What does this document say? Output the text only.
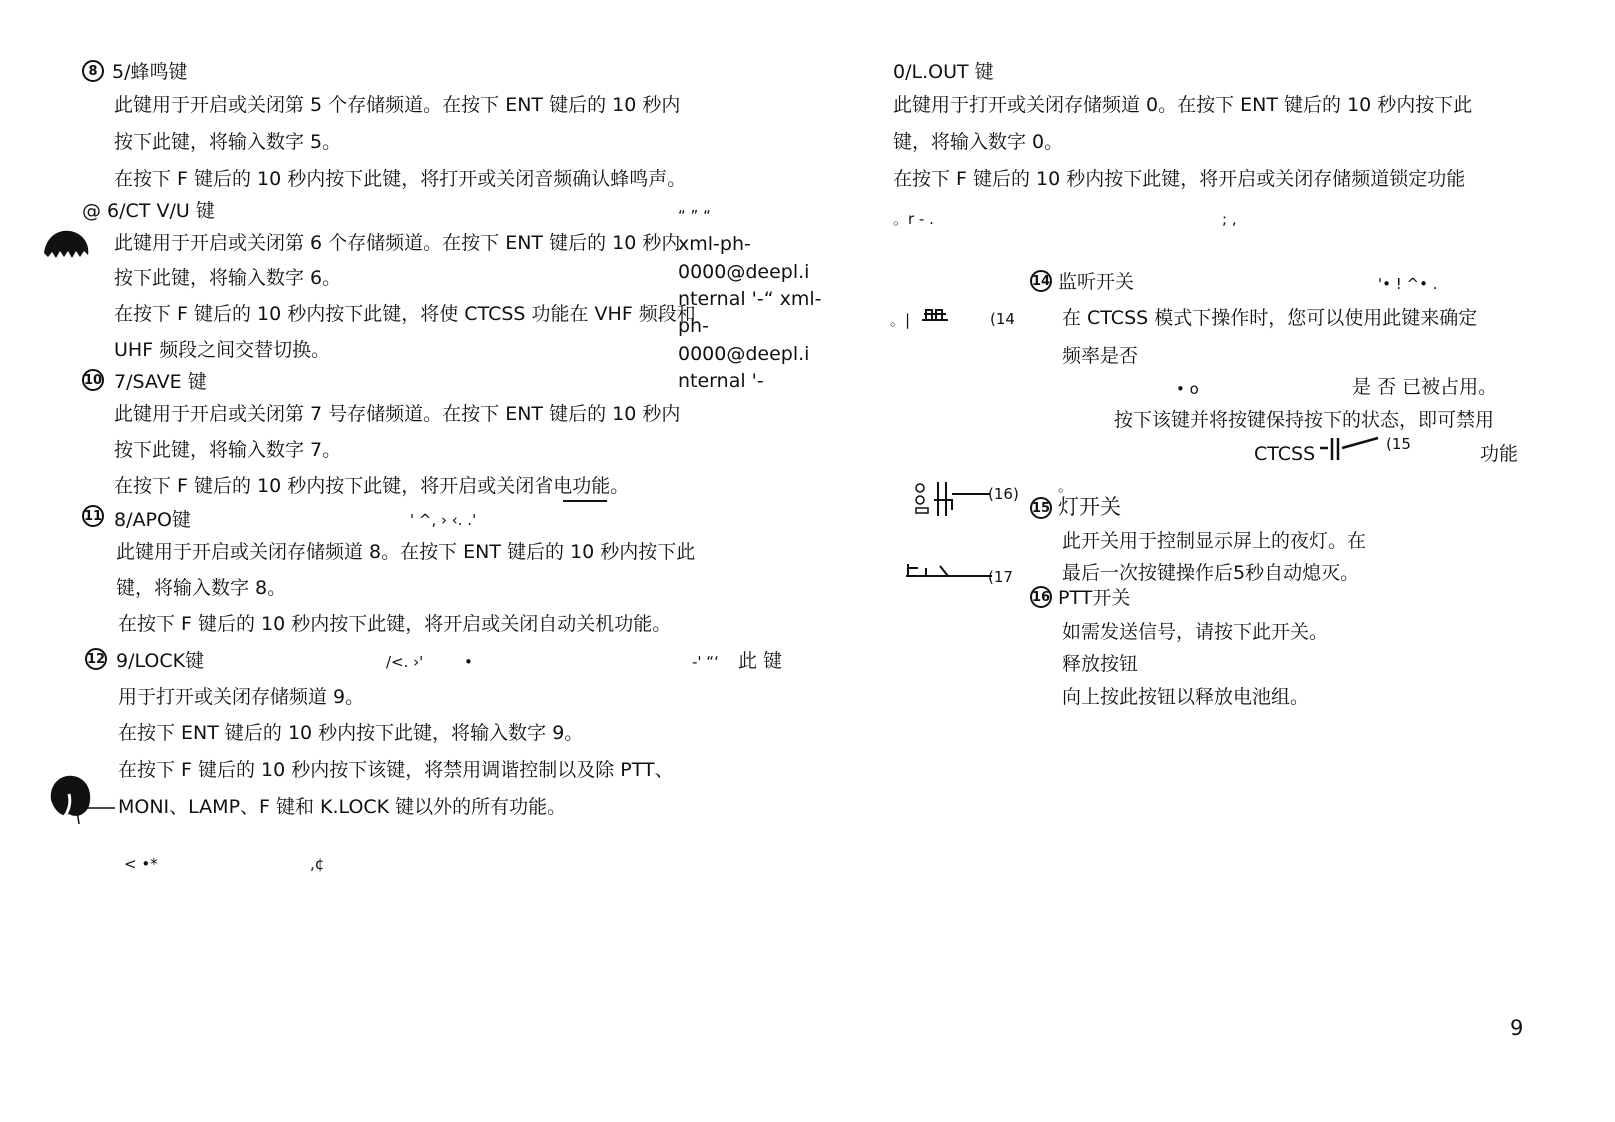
8 5/蜂鸣键
此键用于开启或关闭第 5 个存储频道。在按下 ENT 键后的 10 秒内
按下此键，将输入数字 5。
在按下 F 键后的 10 秒内按下此键，将打开或关闭音频确认蜂鸣声。
@ 6/CT V/U 键
此键用于开启或关闭第 6 个存储频道。在按下 ENT 键后的 10 秒内
按下此键，将输入数字 6。
在按下 F 键后的 10 秒内按下此键，将使 CTCSS 功能在 VHF 频段和
UHF 频段之间交替切换。
10 7/SAVE 键
此键用于开启或关闭第 7 号存储频道。在按下 ENT 键后的 10 秒内
按下此键，将输入数字 7。
在按下 F 键后的 10 秒内按下此键，将开启或关闭省电功能。
11 8/APO键	' ^, › ‹. .'
此键用于开启或关闭存储频道 8。在按下 ENT 键后的 10 秒内按下此
键，将输入数字 8。
在按下 F 键后的 10 秒内按下此键，将开启或关闭自动关机功能。
12 9/LOCK键	/<. ›'	•	-' “‘ 此 键
用于打开或关闭存储频道 9。
在按下 ENT 键后的 10 秒内按下此键，将输入数字 9。
在按下 F 键后的 10 秒内按下该键，将禁用调谐控制以及除 PTT、
MONI、LAMP、F 键和 K.LOCK 键以外的所有功能。
< •*	,¢
“ ” “
xml-ph-
0000@deepl.i
nternal '-“ xml-
ph-
0000@deepl.i
nternal '-
0/L.OUT 键
此键用于打开或关闭存储频道 0。在按下 ENT 键后的 10 秒内按下此
键，将输入数字 0。
在按下 F 键后的 10 秒内按下此键，将开启或关闭存储频道锁定功能
。r - .	; ,
14 监听开关	'• ! ^• .
。|	(14 在 CTCSS 模式下操作时，您可以使用此键来确定
频率是否
• o	是 否 已被占用。
按下该键并将按键保持按下的状态，即可禁用
CTCSS	(15	功能
。
(16)
15 灯开关
此开关用于控制显示屏上的夜灯。在
(17	最后一次按键操作后5秒自动熄灭。
16 PTT开关
如需发送信号，请按下此开关。
释放按钮
向上按此按钮以释放电池组。
9
